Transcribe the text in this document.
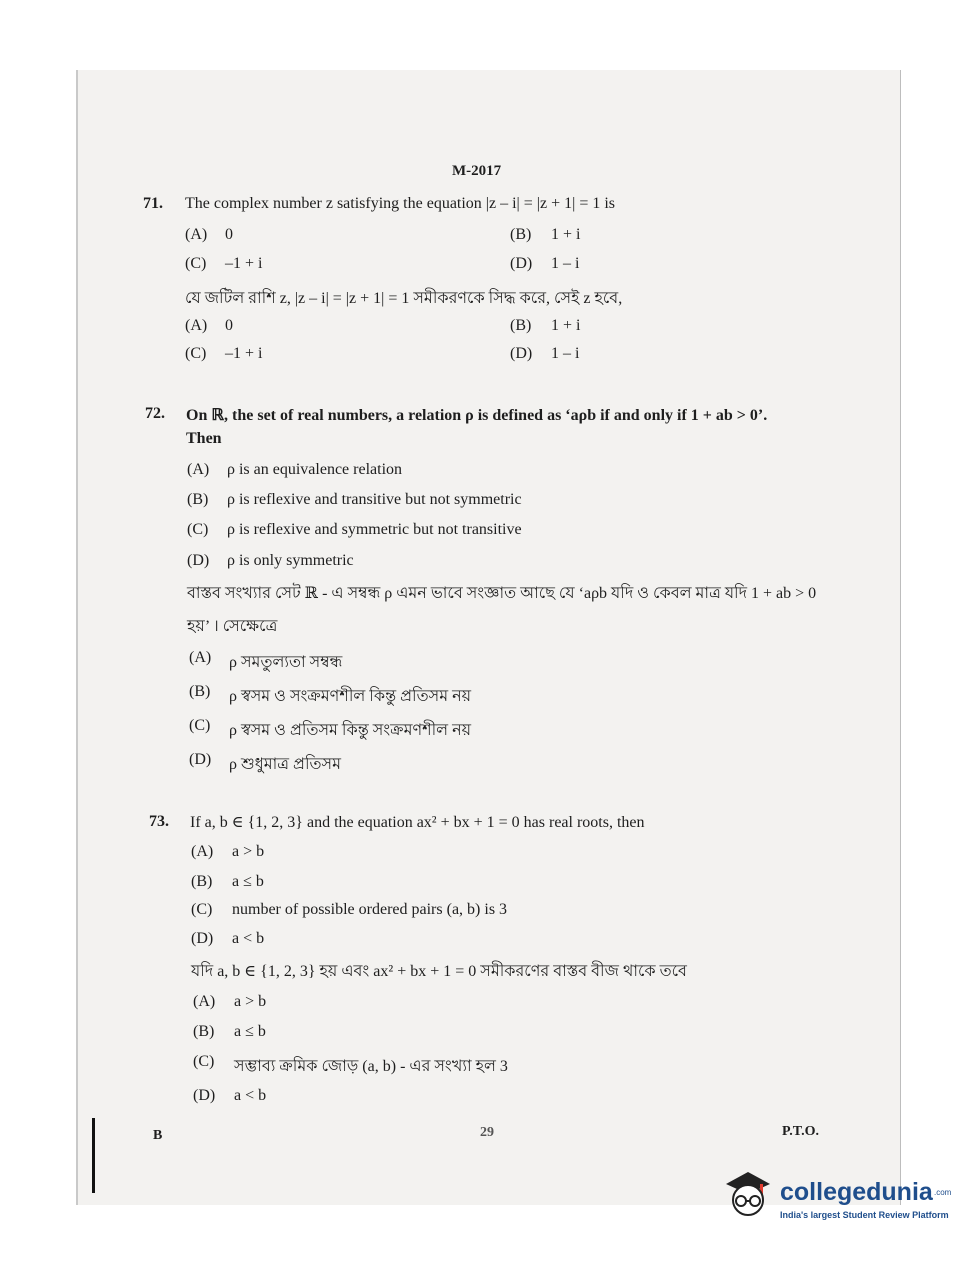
M-2017
71. The complex number z satisfying the equation |z – i| = |z + 1| = 1 is
(A) 0	(B) 1 + i
(C) –1 + i	(D) 1 – i
যে জটিল রাশি z, |z – i| = |z + 1| = 1 সমীকরণকে সিদ্ধ করে, সেই z হবে,
(A) 0	(B) 1 + i
(C) –1 + i	(D) 1 – i
72. On ℝ, the set of real numbers, a relation ρ is defined as ‘aρb if and only if 1 + ab > 0’.
Then
(A) ρ is an equivalence relation
(B) ρ is reflexive and transitive but not symmetric
(C) ρ is reflexive and symmetric but not transitive
(D) ρ is only symmetric
বাস্তব সংখ্যার সেট ℝ - এ সম্বন্ধ ρ এমন ভাবে সংজ্ঞাত আছে যে ‘aρb যদি ও কেবল মাত্র যদি 1 + ab > 0
হয়’ । সেক্ষেত্রে
(A) ρ সমতুল্যতা সম্বন্ধ
(B) ρ স্বসম ও সংক্রমণশীল কিন্তু প্রতিসম নয়
(C) ρ স্বসম ও প্রতিসম কিন্তু সংক্রমণশীল নয়
(D) ρ শুধুমাত্র প্রতিসম
73. If a, b ∈ {1, 2, 3} and the equation ax² + bx + 1 = 0 has real roots, then
(A) a > b
(B) a ≤ b
(C) number of possible ordered pairs (a, b) is 3
(D) a < b
যদি a, b ∈ {1, 2, 3} হয় এবং ax² + bx + 1 = 0 সমীকরণের বাস্তব বীজ থাকে তবে
(A) a > b
(B) a ≤ b
(C) সম্ভাব্য ক্রমিক জোড় (a, b) - এর সংখ্যা হল 3
(D) a < b
B	29	P.T.O.
collegedunia .com
India's largest Student Review Platform
